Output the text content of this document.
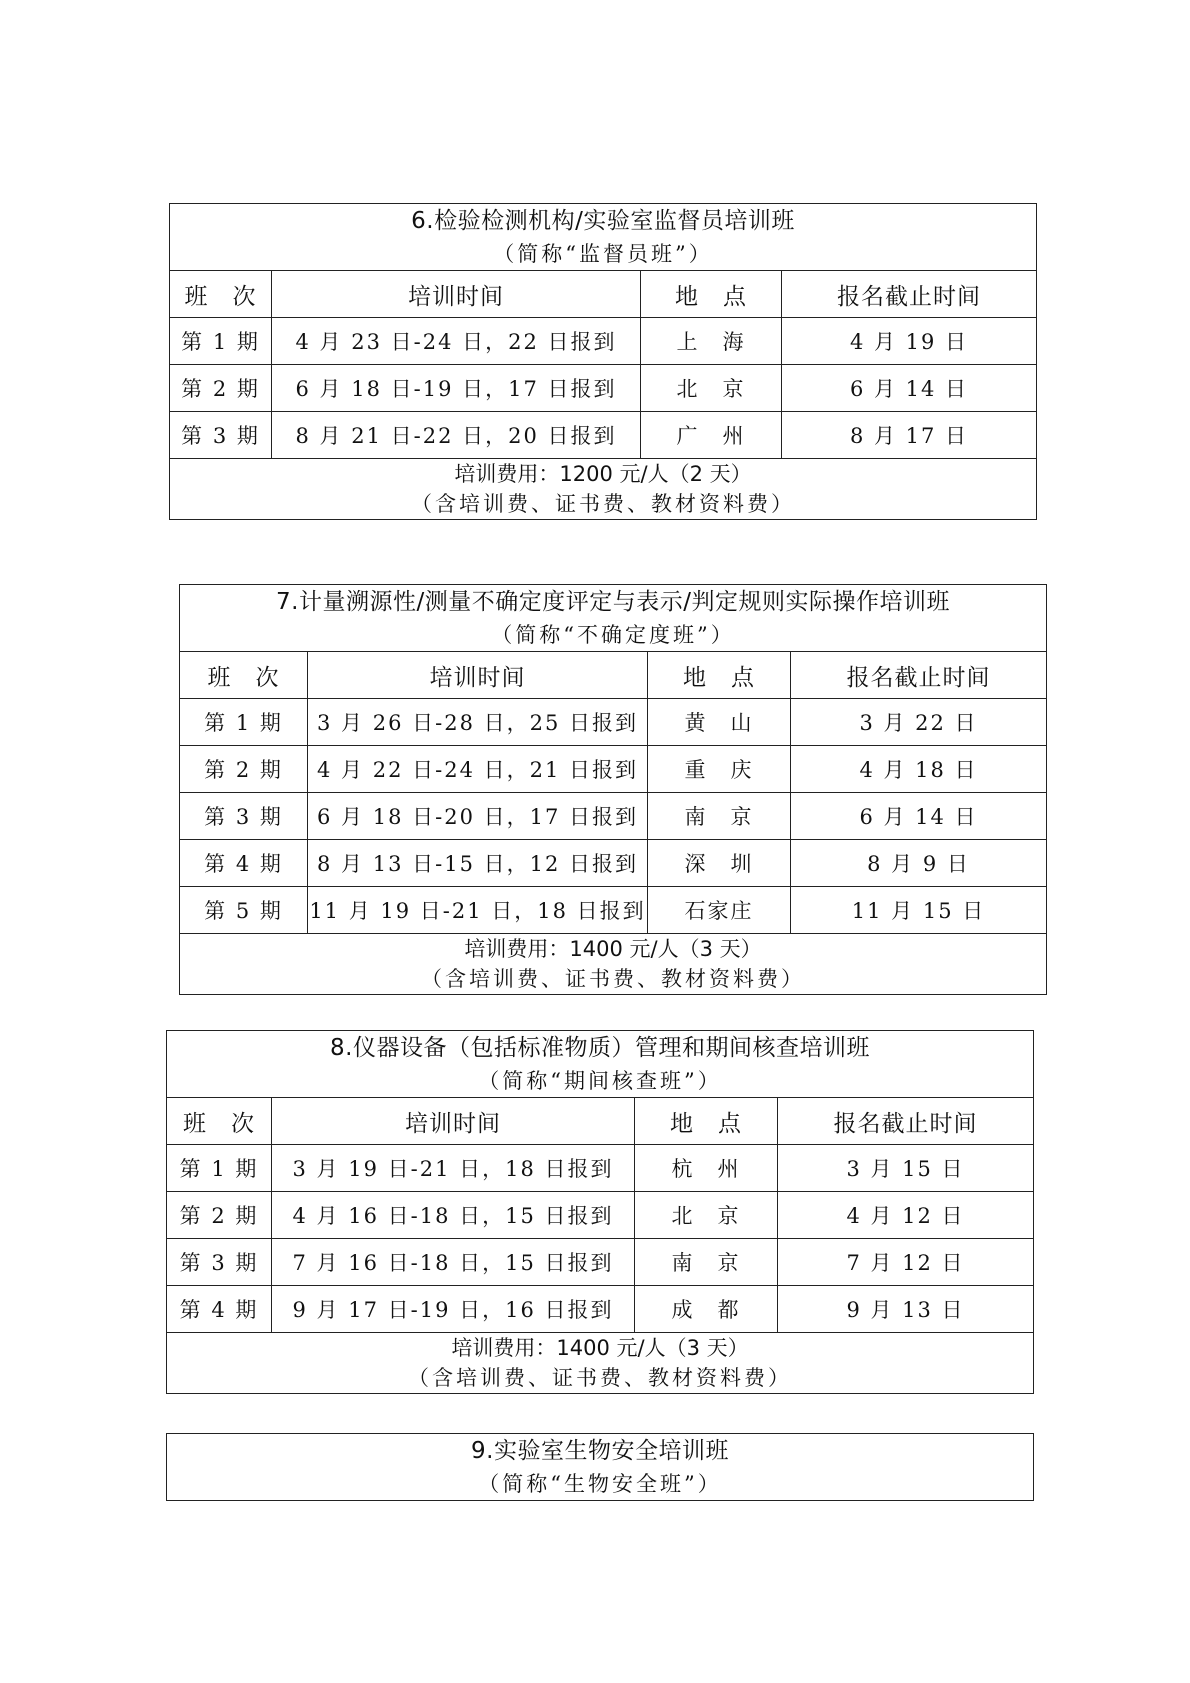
6.检验检测机构/实验室监督员培训班
（简称“监督员班”）			

班　次	培训时间	地　点	报名截止时间
第 1 期	4 月 23 日-24 日，22 日报到	上　海	4 月 19 日
第 2 期	6 月 18 日-19 日，17 日报到	北　京	6 月 14 日
第 3 期	8 月 21 日-22 日，20 日报到	广　州	8 月 17 日

培训费用：1200 元/人（2 天）
（含培训费、证书费、教材资料费）			
7.计量溯源性/测量不确定度评定与表示/判定规则实际操作培训班
（简称“不确定度班”）			

班　次	培训时间	地　点	报名截止时间
第 1 期	3 月 26 日-28 日，25 日报到	黄　山	3 月 22 日
第 2 期	4 月 22 日-24 日，21 日报到	重　庆	4 月 18 日
第 3 期	6 月 18 日-20 日，17 日报到	南　京	6 月 14 日
第 4 期	8 月 13 日-15 日，12 日报到	深　圳	8 月 9 日
第 5 期	11 月 19 日-21 日，18 日报到	石家庄	11 月 15 日

培训费用：1400 元/人（3 天）
（含培训费、证书费、教材资料费）			
8.仪器设备（包括标准物质）管理和期间核查培训班
（简称“期间核查班”）			

班　次	培训时间	地　点	报名截止时间
第 1 期	3 月 19 日-21 日，18 日报到	杭　州	3 月 15 日
第 2 期	4 月 16 日-18 日，15 日报到	北　京	4 月 12 日
第 3 期	7 月 16 日-18 日，15 日报到	南　京	7 月 12 日
第 4 期	9 月 17 日-19 日，16 日报到	成　都	9 月 13 日

培训费用：1400 元/人（3 天）
（含培训费、证书费、教材资料费）			
9.实验室生物安全培训班
（简称“生物安全班”）
